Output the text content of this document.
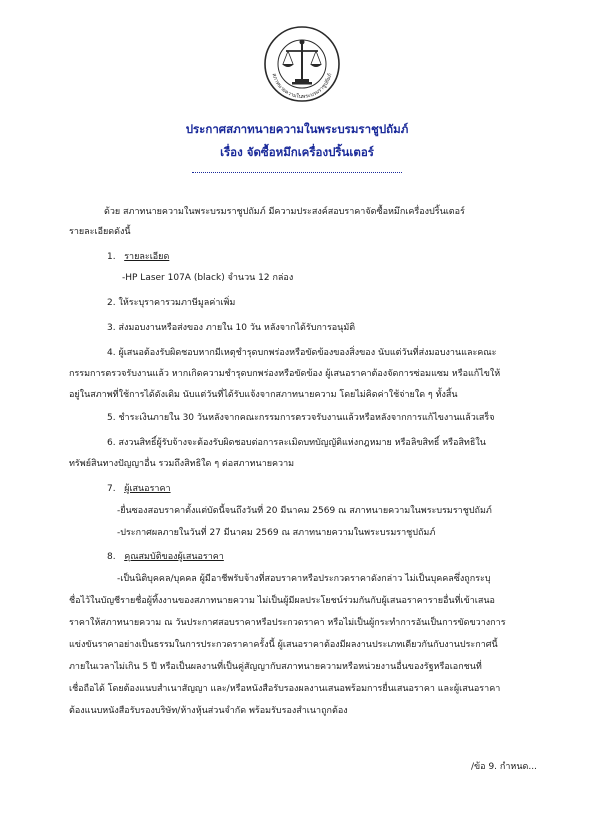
สภาทนายความในพระบรมราชูปถัมภ์
ประกาศสภาทนายความในพระบรมราชูปถัมภ์
เรื่อง จัดซื้อหมึกเครื่องปริ้นเตอร์
ด้วย สภาทนายความในพระบรมราชูปถัมภ์ มีความประสงค์สอบราคาจัดซื้อหมึกเครื่องปริ้นเตอร์
รายละเอียดดังนี้
1. รายละเอียด
-HP Laser 107A (black) จำนวน 12 กล่อง
2. ให้ระบุราคารวมภาษีมูลค่าเพิ่ม
3. ส่งมอบงานหรือส่งของ ภายใน 10 วัน หลังจากได้รับการอนุมัติ
4. ผู้เสนอต้องรับผิดชอบหากมีเหตุชำรุดบกพร่องหรือขัดข้องของสิ่งของ นับแต่วันที่ส่งมอบงานและคณะ
กรรมการตรวจรับงานแล้ว หากเกิดความชำรุดบกพร่องหรือขัดข้อง ผู้เสนอราคาต้องจัดการซ่อมแซม หรือแก้ไขให้
อยู่ในสภาพที่ใช้การได้ดังเดิม นับแต่วันที่ได้รับแจ้งจากสภาทนายความ โดยไม่คิดค่าใช้จ่ายใด ๆ ทั้งสิ้น
5. ชำระเงินภายใน 30 วันหลังจากคณะกรรมการตรวจรับงานแล้วหรือหลังจากการแก้ไขงานแล้วเสร็จ
6. สงวนสิทธิ์ผู้รับจ้างจะต้องรับผิดชอบต่อการละเมิดบทบัญญัติแห่งกฎหมาย หรือลิขสิทธิ์ หรือสิทธิใน
ทรัพย์สินทางปัญญาอื่น รวมถึงสิทธิใด ๆ ต่อสภาทนายความ
7. ผู้เสนอราคา
-ยื่นซองสอบราคาตั้งแต่บัดนี้จนถึงวันที่ 20 มีนาคม 2569 ณ สภาทนายความในพระบรมราชูปถัมภ์
-ประกาศผลภายในวันที่ 27 มีนาคม 2569 ณ สภาทนายความในพระบรมราชูปถัมภ์
8. คุณสมบัติของผู้เสนอราคา
-เป็นนิติบุคคล/บุคคล ผู้มีอาชีพรับจ้างที่สอบราคาหรือประกวดราคาดังกล่าว ไม่เป็นบุคคลซึ่งถูกระบุ
ชื่อไว้ในบัญชีรายชื่อผู้ทิ้งงานของสภาทนายความ ไม่เป็นผู้มีผลประโยชน์ร่วมกันกับผู้เสนอราคารายอื่นที่เข้าเสนอ
ราคาให้สภาทนายความ ณ วันประกาศสอบราคาหรือประกวดราคา หรือไม่เป็นผู้กระทำการอันเป็นการขัดขวางการ
แข่งขันราคาอย่างเป็นธรรมในการประกวดราคาครั้งนี้ ผู้เสนอราคาต้องมีผลงานประเภทเดียวกันกับงานประกาศนี้
ภายในเวลาไม่เกิน 5 ปี หรือเป็นผลงานที่เป็นคู่สัญญากับสภาทนายความหรือหน่วยงานอื่นของรัฐหรือเอกชนที่
เชื่อถือได้ โดยต้องแนบสำเนาสัญญา และ/หรือหนังสือรับรองผลงานเสนอพร้อมการยื่นเสนอราคา และผู้เสนอราคา
ต้องแนบหนังสือรับรองบริษัท/ห้างหุ้นส่วนจำกัด พร้อมรับรองสำเนาถูกต้อง
/ข้อ 9. กำหนด...
